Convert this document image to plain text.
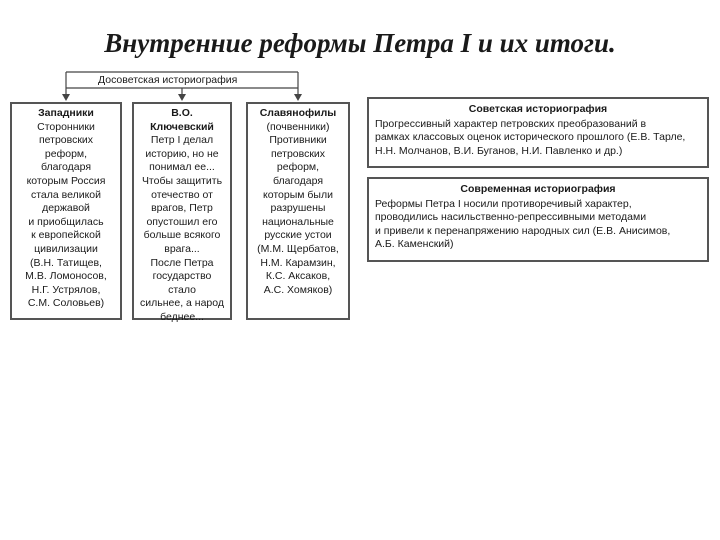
Внутренние реформы Петра I и их итоги.
Досоветская историография
Западники
Сторонники
петровских
реформ,
благодаря
которым Россия
стала великой
державой
и приобщилась
к европейской
цивилизации
(В.Н. Татищев,
М.В. Ломоносов,
Н.Г. Устрялов,
С.М. Соловьев)
В.О. Ключевский
Петр I делал
историю, но не
понимал ее...
Чтобы защитить
отечество от
врагов, Петр
опустошил его
больше всякого
врага...
После Петра
государство стало
сильнее, а народ
беднее...
Славянофилы
(почвенники)
Противники
петровских
реформ,
благодаря
которым были
разрушены
национальные
русские устои
(М.М. Щербатов,
Н.М. Карамзин,
К.С. Аксаков,
А.С. Хомяков)
Советская историография
Прогрессивный характер петровских преобразований в
рамках классовых оценок исторического прошлого (Е.В. Тарле,
Н.Н. Молчанов, В.И. Буганов, Н.И. Павленко и др.)
Современная историография
Реформы Петра I носили противоречивый характер,
проводились насильственно-репрессивными методами
и привели к перенапряжению народных сил (Е.В. Анисимов,
А.Б. Каменский)
